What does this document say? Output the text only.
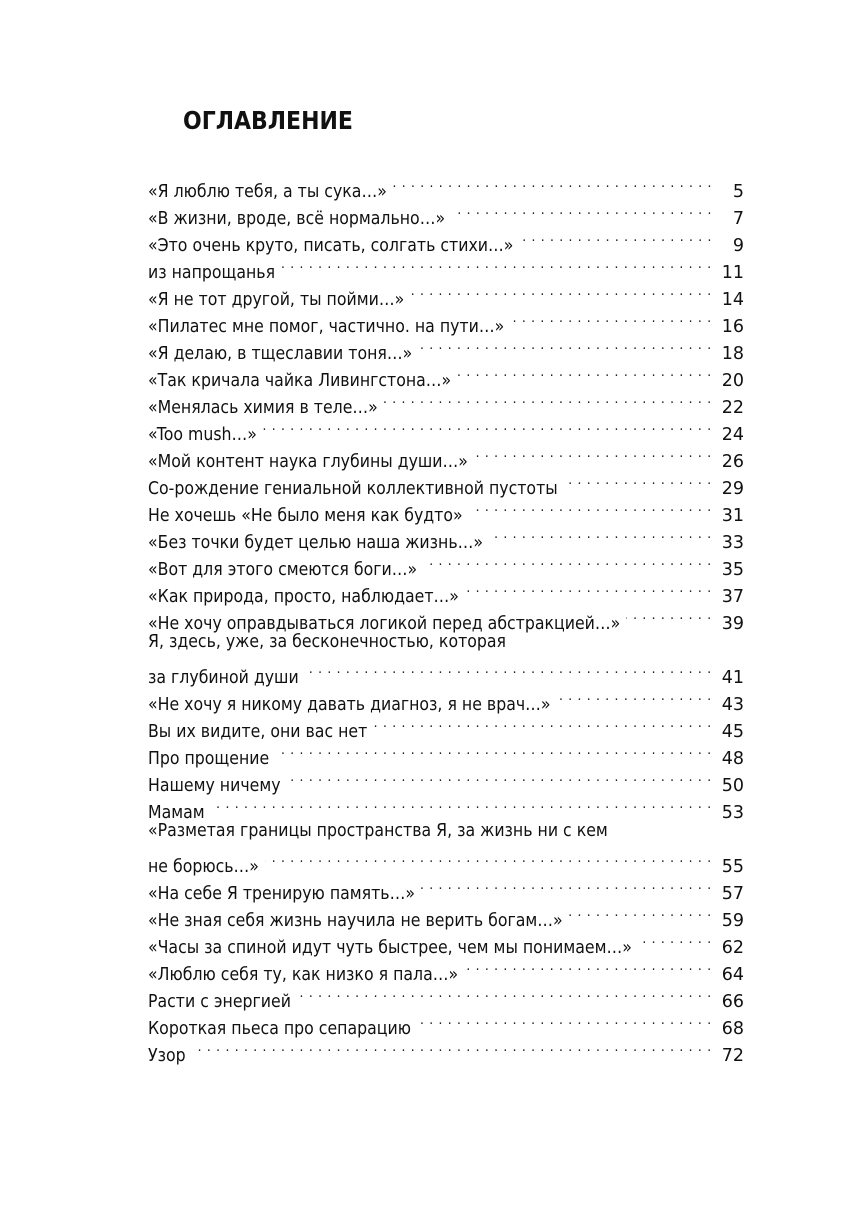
ОГЛАВЛЕНИЕ
«Я люблю тебя, а ты сука…» . . .	5
«В жизни, вроде, всё нормально…» . . .	7
«Это очень круто, писать, солгать стихи…» . . .	9
из напрощанья . . .	11
«Я не тот другой, ты пойми…» . . .	14
«Пилатес мне помог, частично. на пути…» . . .	16
«Я делаю, в тщеславии тоня…» . . .	18
«Так кричала чайка Ливингстона…» . . .	20
«Менялась химия в теле…» . . .	22
«Too mush…» . . .	24
«Мой контент наука глубины души…» . . .	26
Со-рождение гениальной коллективной пустоты . . .	29
Не хочешь «Не было меня как будто» . . .	31
«Без точки будет целью наша жизнь…» . . .	33
«Вот для этого смеются боги…» . . .	35
«Как природа, просто, наблюдает…» . . .	37
«Не хочу оправдываться логикой перед абстракцией…» . . .	39
Я, здесь, уже, за бесконечностью, которая
за глубиной души . . .	41
«Не хочу я никому давать диагноз, я не врач…» . . .	43
Вы их видите, они вас нет . . .	45
Про прощение . . .	48
Нашему ничему . . .	50
Мамам . . .	53
«Разметая границы пространства Я, за жизнь ни с кем
не борюсь…» . . .	55
«На себе Я тренирую память…» . . .	57
«Не зная себя жизнь научила не верить богам…» . . .	59
«Часы за спиной идут чуть быстрее, чем мы понимаем…» . . .	62
«Люблю себя ту, как низко я пала…» . . .	64
Расти с энергией . . .	66
Короткая пьеса про сепарацию . . .	68
Узор . . .	72
